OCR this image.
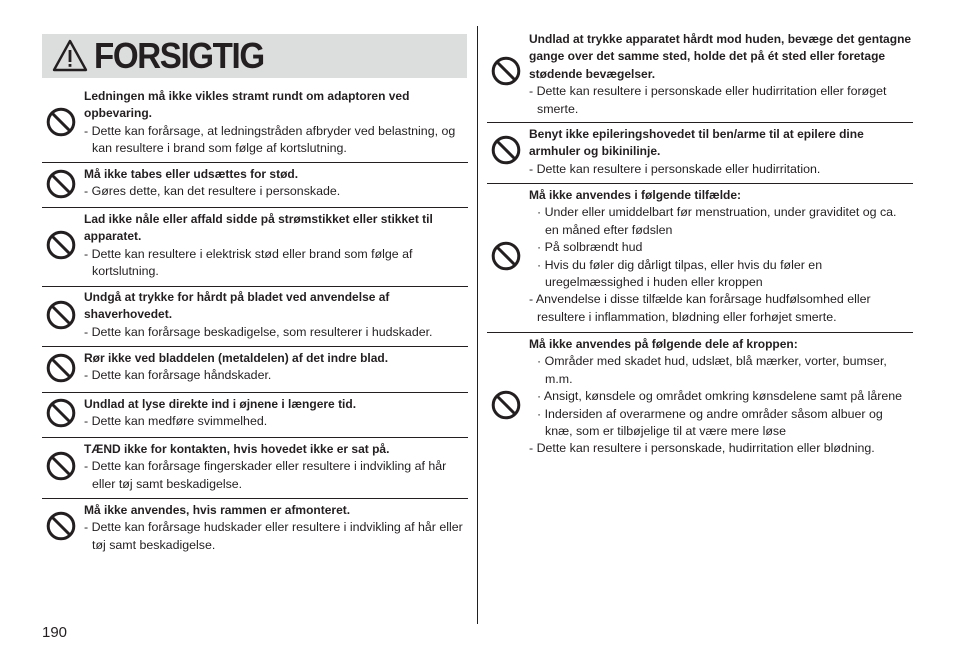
FORSIGTIG
Ledningen må ikke vikles stramt rundt om adaptoren ved opbevaring.
- Dette kan forårsage, at ledningstråden afbryder ved belastning, og kan resultere i brand som følge af kortslutning.
Må ikke tabes eller udsættes for stød.
- Gøres dette, kan det resultere i personskade.
Lad ikke nåle eller affald sidde på strømstikket eller stikket til apparatet.
- Dette kan resultere i elektrisk stød eller brand som følge af kortslutning.
Undgå at trykke for hårdt på bladet ved anvendelse af shaverhovedet.
- Dette kan forårsage beskadigelse, som resulterer i hudskader.
Rør ikke ved bladdelen (metaldelen) af det indre blad.
- Dette kan forårsage håndskader.
Undlad at lyse direkte ind i øjnene i længere tid.
- Dette kan medføre svimmelhed.
TÆND ikke for kontakten, hvis hovedet ikke er sat på.
- Dette kan forårsage fingerskader eller resultere i indvikling af hår eller tøj samt beskadigelse.
Må ikke anvendes, hvis rammen er afmonteret.
- Dette kan forårsage hudskader eller resultere i indvikling af hår eller tøj samt beskadigelse.
Undlad at trykke apparatet hårdt mod huden, bevæge det gentagne gange over det samme sted, holde det på ét sted eller foretage stødende bevægelser.
- Dette kan resultere i personskade eller hudirritation eller forøget smerte.
Benyt ikke epileringshovedet til ben/arme til at epilere dine armhuler og bikinilinje.
- Dette kan resultere i personskade eller hudirritation.
Må ikke anvendes i følgende tilfælde:
· Under eller umiddelbart før menstruation, under graviditet og ca. en måned efter fødslen
· På solbrændt hud
· Hvis du føler dig dårligt tilpas, eller hvis du føler en uregelmæssighed i huden eller kroppen
- Anvendelse i disse tilfælde kan forårsage hudfølsomhed eller resultere i inflammation, blødning eller forhøjet smerte.
Må ikke anvendes på følgende dele af kroppen:
· Områder med skadet hud, udslæt, blå mærker, vorter, bumser, m.m.
· Ansigt, kønsdele og området omkring kønsdelene samt på lårene
· Indersiden af overarmene og andre områder såsom albuer og knæ, som er tilbøjelige til at være mere løse
- Dette kan resultere i personskade, hudirritation eller blødning.
190
